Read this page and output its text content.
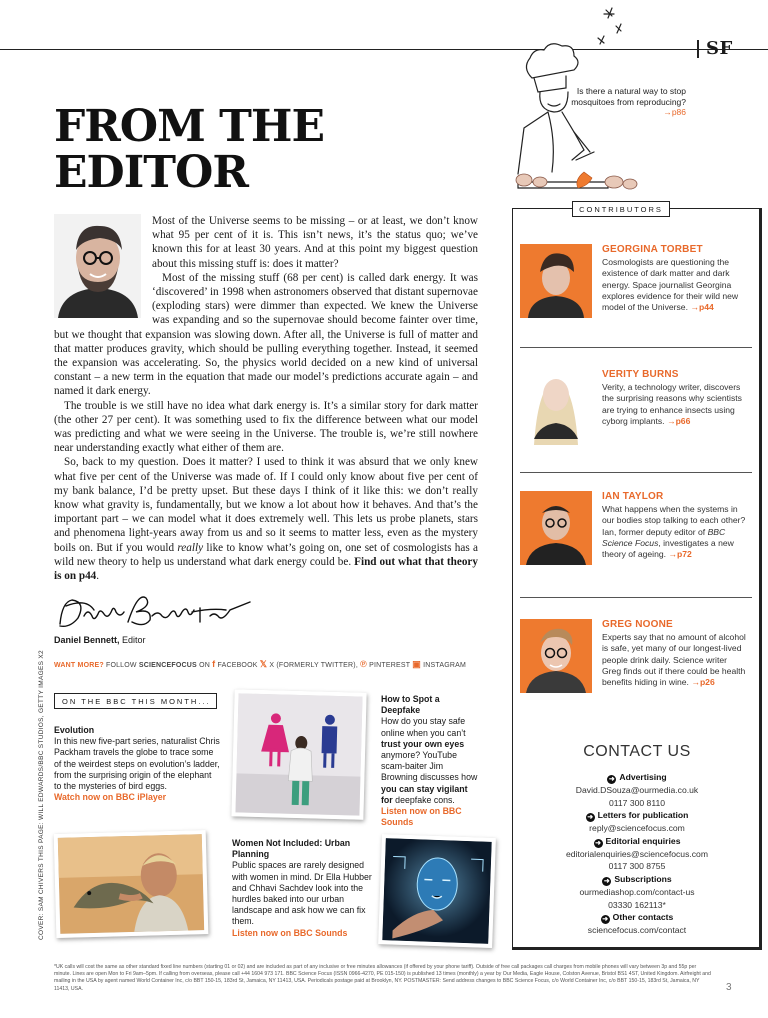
SF
Is there a natural way to stop mosquitoes from reproducing?
→p86
FROM THE
EDITOR

Most of the Universe seems to be missing – or at least, we don’t know what 95 per cent of it is. This isn’t news, it’s the status quo; we’ve known this for at least 30 years. And at this point my biggest question about this missing stuff is: does it matter?

Most of the missing stuff (68 per cent) is called dark energy. It was ‘discovered’ in 1998 when astronomers observed that distant supernovae (exploding stars) were dimmer than expected. We knew the Universe was expanding and so the supernovae should become fainter over time, but we thought that expansion was slowing down. After all, the Universe is full of matter and that matter produces gravity, which should be pulling everything together. Instead, it seemed the expansion was accelerating. So, the physics world decided on a new kind of universal constant – a new term in the equation that made our model’s predictions accurate again – and named it dark energy.

The trouble is we still have no idea what dark energy is. It’s a similar story for dark matter (the other 27 per cent). It was something used to fix the difference between what our model was predicting and what we were seeing in the Universe. The trouble is, we’re still nowhere near understanding exactly what either of them are.

So, back to my question. Does it matter? I used to think it was absurd that we only knew what five per cent of the Universe was made of. If I could only know about five per cent of my bank balance, I’d be pretty upset. But these days I think of it like this: we don’t really know what gravity is, fundamentally, but we know a lot about how it behaves. And that’s the important part – we can model what it does extremely well. This lets us probe planets, stars and phenomena light-years away from us and so it seems to matter less, even as the mystery boils on. But if you would really like to know what’s going on, one set of cosmologists has a wild new theory to help us understand what dark energy could be. Find out what that theory is on p44.

Daniel Bennett, Editor
WANT MORE? FOLLOW SCIENCEFOCUS ON f FACEBOOK 𝕏 X (FORMERLY TWITTER), ℗ PINTEREST ▣ INSTAGRAM
COVER: SAM CHIVERS THIS PAGE: WILL EDWARDS/BBC STUDIOS, GETTY IMAGES X2	ON THE BBC THIS MONTH...
Evolution
In this new five-part series, naturalist Chris Packham travels the globe to trace some of the weirdest steps on evolution’s ladder, from the surprising origin of the elephant to the mysteries of bird eggs.
Watch now on BBC iPlayer
How to Spot a Deepfake
How do you stay safe online when you can’t trust your own eyes anymore? YouTube scam-baiter Jim Browning discusses how you can stay vigilant for deepfake cons.
Listen now on BBC Sounds
Women Not Included: Urban Planning
Public spaces are rarely designed with women in mind. Dr Ella Hubber and Chhavi Sachdev look into the hurdles baked into our urban landscape and ask how we can fix them.
Listen now on BBC Sounds
CONTRIBUTORS
GEORGINA TORBET
Cosmologists are questioning the existence of dark matter and dark energy. Space journalist Georgina explores evidence for their wild new model of the Universe. →p44
VERITY BURNS
Verity, a technology writer, discovers the surprising reasons why scientists are trying to enhance insects using cyborg implants. →p66
IAN TAYLOR
What happens when the systems in our bodies stop talking to each other? Ian, former deputy editor of BBC Science Focus, investigates a new theory of ageing. →p72
GREG NOONE
Experts say that no amount of alcohol is safe, yet many of our longest-lived people drink daily. Science writer Greg finds out if there could be health benefits hiding in wine. →p26
CONTACT US
➜ Advertising
David.DSouza@ourmedia.co.uk
0117 300 8110
➜ Letters for publication
reply@sciencefocus.com
➜ Editorial enquiries
editorialenquiries@sciencefocus.com
0117 300 8755
➜ Subscriptions
ourmediashop.com/contact-us
03330 162113*
➜ Other contacts
sciencefocus.com/contact
*UK calls will cost the same as other standard fixed line numbers (starting 01 or 02) and are included as part of any inclusive or free minutes allowances (if offered by your phone tariff). Outside of free call packages call charges from mobile phones will vary between 3p and 55p per minute. Lines are open Mon to Fri 9am–5pm. If calling from overseas, please call +44 1604 973 171. BBC Science Focus (ISSN 0966-4270, PE 015-150) is published 13 times (monthly) a year by Our Media, Eagle House, Colston Avenue, Bristol BS1 4ST, United Kingdom. Airfreight and mailing in the USA by agent named World Container Inc, c/o BBT 150-15, 183rd St, Jamaica, NY 11413, USA. Periodicals postage paid at Brooklyn, NY. POSTMASTER: Send address changes to BBC Science Focus, c/o World Container Inc, c/o BBT 150-15, 183rd St, Jamaica, NY 11413, USA.	3
